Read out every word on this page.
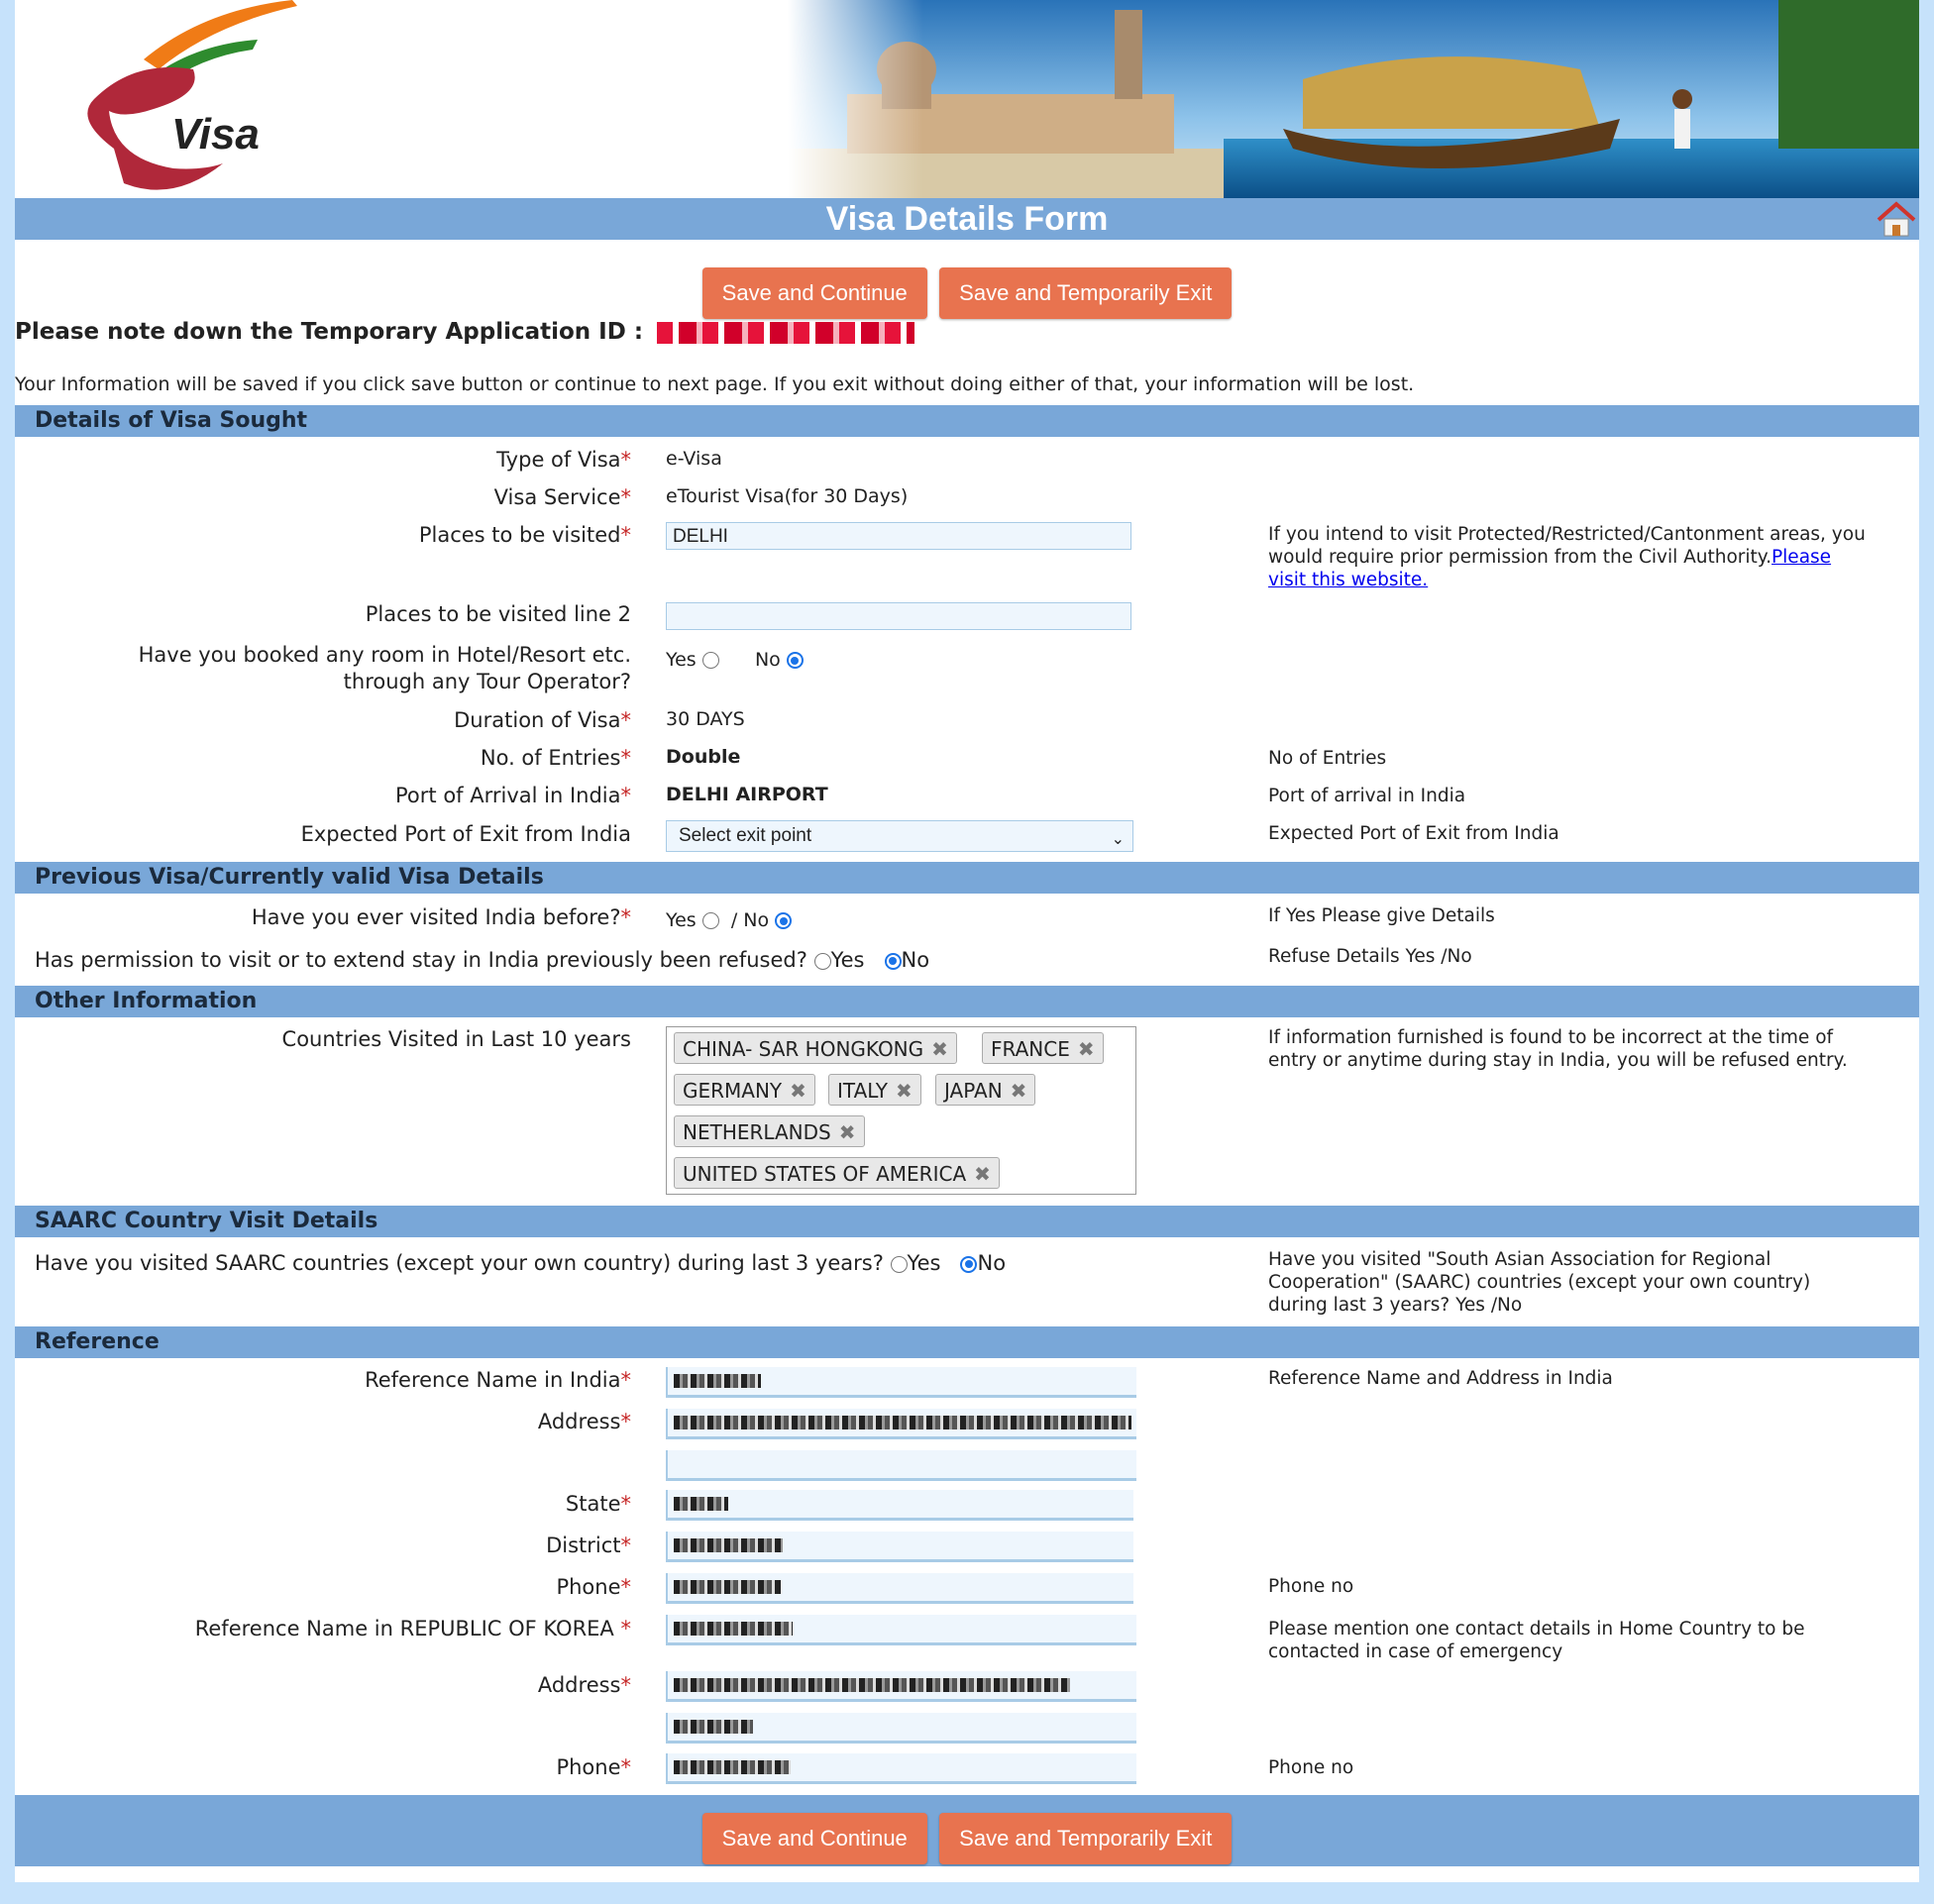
Visa
Visa Details Form
Save and Continue Save and Temporarily Exit
Please note down the Temporary Application ID :
Your Information will be saved if you click save button or continue to next page. If you exit without doing either of that, your information will be lost.
Details of Visa Sought
Type of Visa* e-Visa
Visa Service* eTourist Visa(for 30 Days)
Places to be visited*	DELHI	If you intend to visit Protected/Restricted/Cantonment areas, you would require prior permission from the Civil Authority.Please visit this website.
Places to be visited line 2
Have you booked any room in Hotel/Resort etc.
through any Tour Operator?
Yes	No
Duration of Visa* 30 DAYS
No. of Entries* Double	No of Entries
Port of Arrival in India* DELHI AIRPORT	Port of arrival in India
Expected Port of Exit from India	Select exit point	⌄	Expected Port of Exit from India
Previous Visa/Currently valid Visa Details
Have you ever visited India before?* Yes / No	If Yes Please give Details
Has permission to visit or to extend stay in India previously been refused? Yes No	Refuse Details Yes /No
Other Information
Countries Visited in Last 10 years	CHINA- SAR HONGKONG ✖	FRANCE ✖
GERMANY ✖	ITALY ✖	JAPAN ✖
NETHERLANDS ✖
UNITED STATES OF AMERICA ✖
If information furnished is found to be incorrect at the time of entry or anytime during stay in India, you will be refused entry.
SAARC Country Visit Details
Have you visited SAARC countries (except your own country) during last 3 years? Yes No	Have you visited "South Asian Association for Regional Cooperation" (SAARC) countries (except your own country) during last 3 years? Yes /No
Reference
Reference Name in India*	Reference Name and Address in India
Address*
State*
District*
Phone*	Phone no
Reference Name in REPUBLIC OF KOREA *	Please mention one contact details in Home Country to be contacted in case of emergency
Address*
Phone*	Phone no
Save and Continue Save and Temporarily Exit
